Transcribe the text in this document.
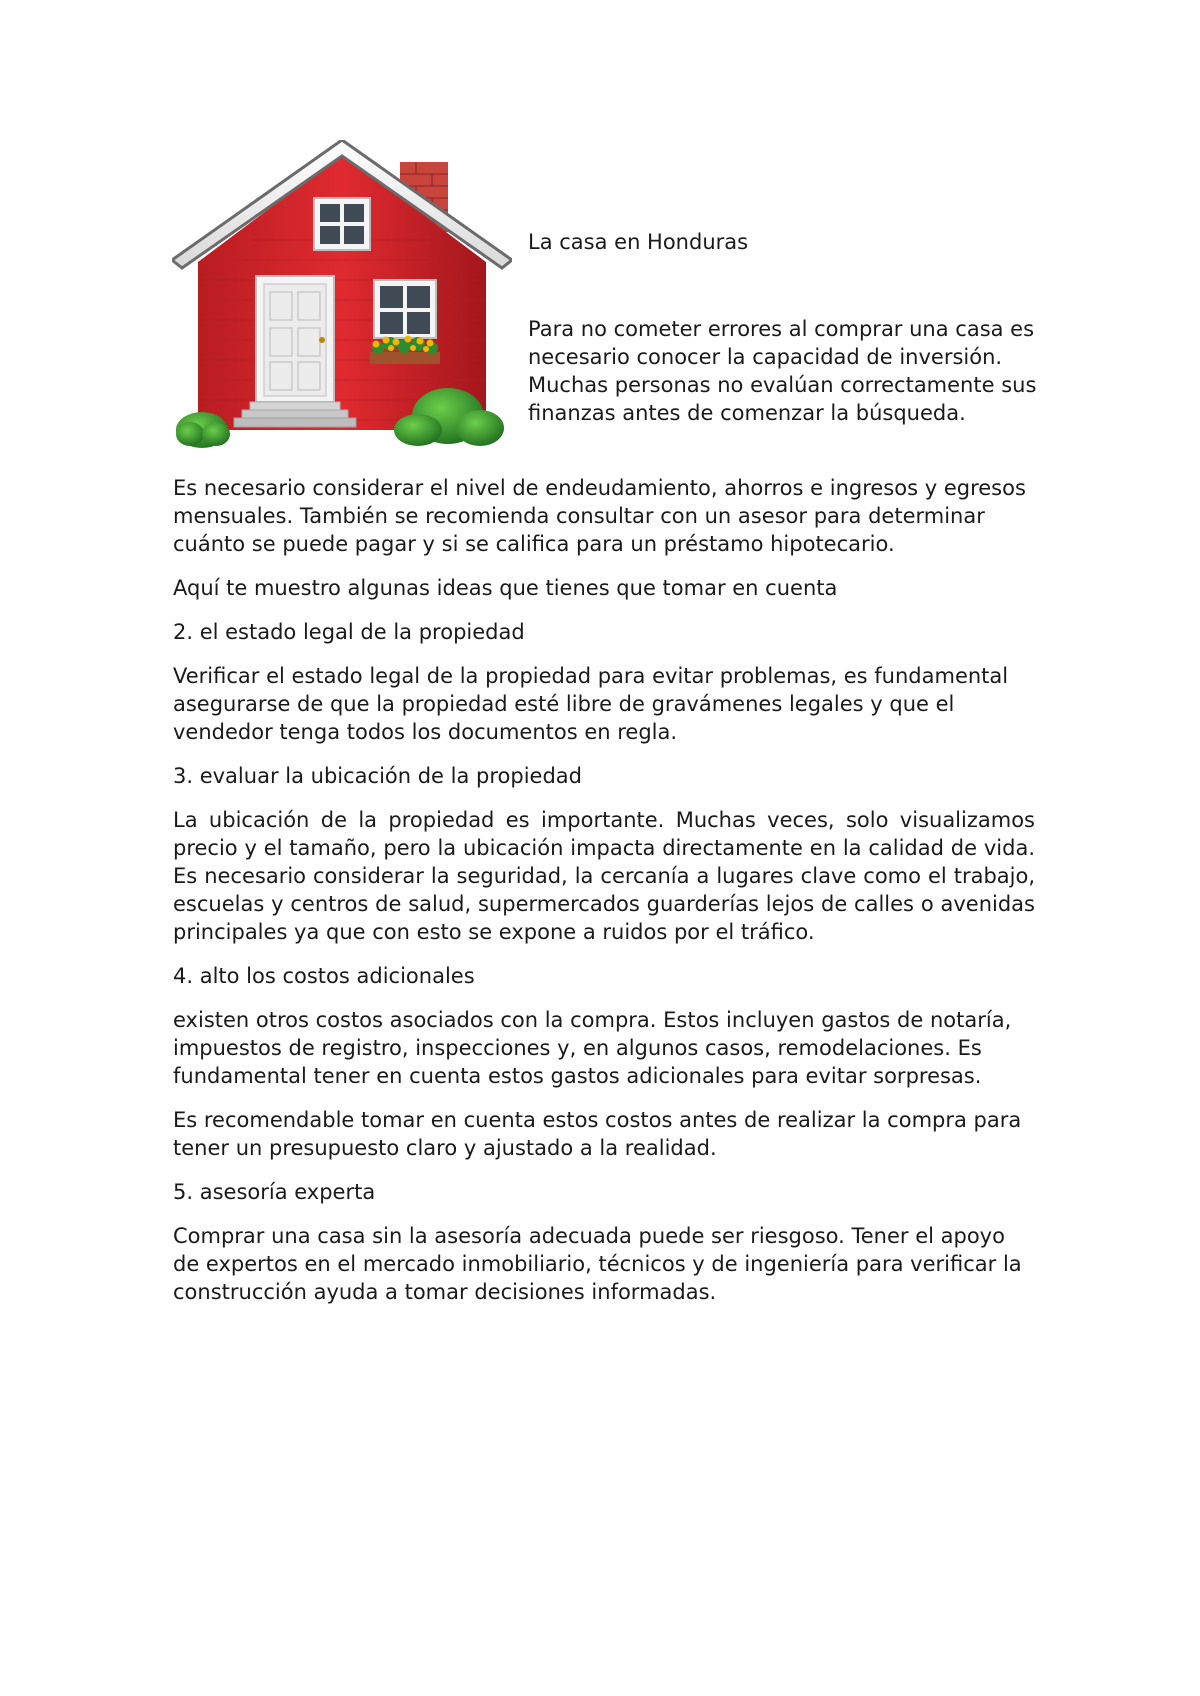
La casa en Honduras

Para no cometer errores al comprar una casa es necesario conocer la capacidad de inversión. Muchas personas no evalúan correctamente sus finanzas antes de comenzar la búsqueda.

Es necesario considerar el nivel de endeudamiento, ahorros e ingresos y egresos mensuales. También se recomienda consultar con un asesor para determinar cuánto se puede pagar y si se califica para un préstamo hipotecario.

Aquí te muestro algunas ideas que tienes que tomar en cuenta

2. el estado legal de la propiedad

Verificar el estado legal de la propiedad para evitar problemas, es fundamental asegurarse de que la propiedad esté libre de gravámenes legales y que el vendedor tenga todos los documentos en regla.

3. evaluar la ubicación de la propiedad

La ubicación de la propiedad es importante. Muchas veces, solo visualizamos precio y el tamaño, pero la ubicación impacta directamente en la calidad de vida. Es necesario considerar la seguridad, la cercanía a lugares clave como el trabajo, escuelas y centros de salud, supermercados guarderías lejos de calles o avenidas principales ya que con esto se expone a ruidos por el tráfico.

4. alto los costos adicionales

existen otros costos asociados con la compra. Estos incluyen gastos de notaría, impuestos de registro, inspecciones y, en algunos casos, remodelaciones. Es fundamental tener en cuenta estos gastos adicionales para evitar sorpresas.

Es recomendable tomar en cuenta estos costos antes de realizar la compra para tener un presupuesto claro y ajustado a la realidad.

5. asesoría experta

Comprar una casa sin la asesoría adecuada puede ser riesgoso. Tener el apoyo de expertos en el mercado inmobiliario, técnicos y de ingeniería para verificar la construcción ayuda a tomar decisiones informadas.
